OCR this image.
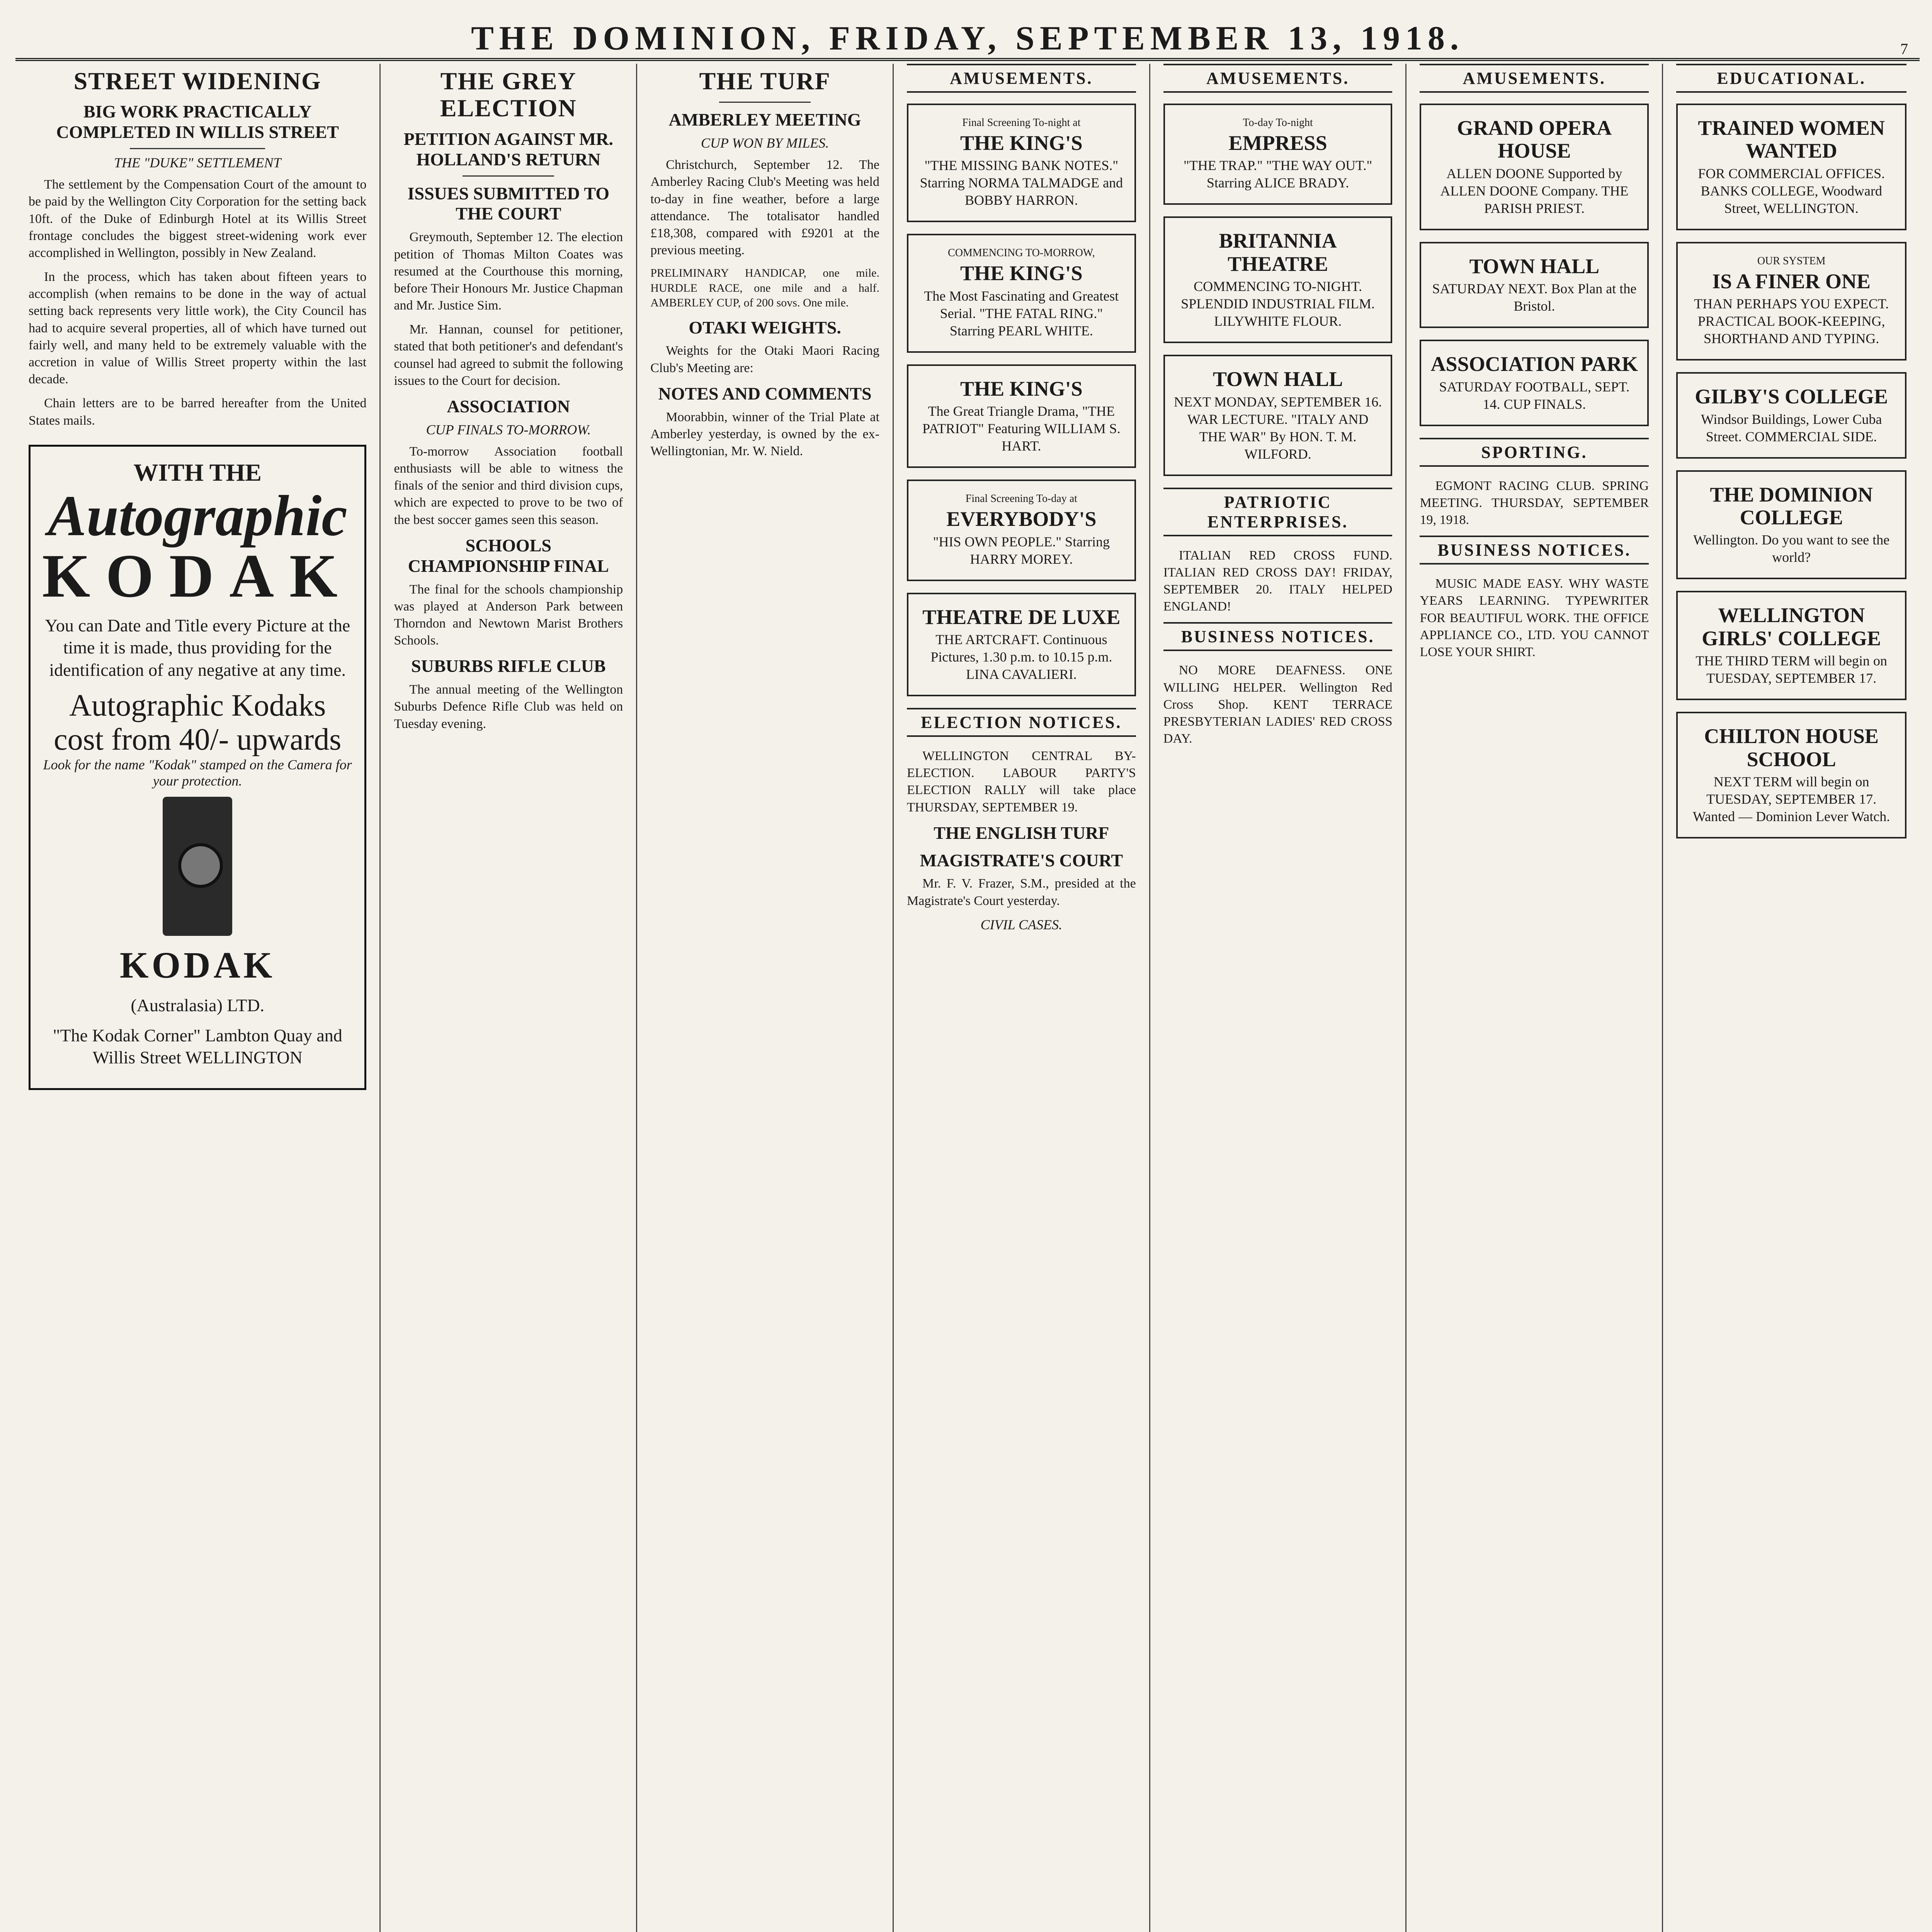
THE DOMINION, FRIDAY, SEPTEMBER 13, 1918.	7
STREET WIDENING
BIG WORK PRACTICALLY COMPLETED IN WILLIS STREET
THE "DUKE" SETTLEMENT

The settlement by the Compensation Court of the amount to be paid by the Wellington City Corporation for the setting back 10ft. of the Duke of Edinburgh Hotel at its Willis Street frontage concludes the biggest street-widening work ever accomplished in Wellington, possibly in New Zealand.

In the process, which has taken about fifteen years to accomplish (when remains to be done in the way of actual setting back represents very little work), the City Council has had to acquire several properties, all of which have turned out fairly well, and many held to be extremely valuable with the accretion in value of Willis Street property within the last decade.

Chain letters are to be barred hereafter from the United States mails.

WITH THE
Autographic
KODAK
You can Date and Title every Picture at the time it is made, thus providing for the identification of any negative at any time.
Autographic Kodaks cost from 40/- upwards
Look for the name "Kodak" stamped on the Camera for your protection.
KODAK
(Australasia) LTD.
"The Kodak Corner" Lambton Quay and Willis Street WELLINGTON
THE GREY ELECTION
PETITION AGAINST MR. HOLLAND'S RETURN
ISSUES SUBMITTED TO THE COURT

Greymouth, September 12. The election petition of Thomas Milton Coates was resumed at the Courthouse this morning, before Their Honours Mr. Justice Chapman and Mr. Justice Sim.

Mr. Hannan, counsel for petitioner, stated that both petitioner's and defendant's counsel had agreed to submit the following issues to the Court for decision.

ASSOCIATION
CUP FINALS TO-MORROW.

To-morrow Association football enthusiasts will be able to witness the finals of the senior and third division cups, which are expected to prove to be two of the best soccer games seen this season.

SCHOOLS CHAMPIONSHIP FINAL

The final for the schools championship was played at Anderson Park between Thorndon and Newtown Marist Brothers Schools.

SUBURBS RIFLE CLUB

The annual meeting of the Wellington Suburbs Defence Rifle Club was held on Tuesday evening.

THE TURF
AMBERLEY MEETING
CUP WON BY MILES.

Christchurch, September 12. The Amberley Racing Club's Meeting was held to-day in fine weather, before a large attendance. The totalisator handled £18,308, compared with £9201 at the previous meeting.

PRELIMINARY HANDICAP, one mile. HURDLE RACE, one mile and a half. AMBERLEY CUP, of 200 sovs. One mile.

OTAKI WEIGHTS.

Weights for the Otaki Maori Racing Club's Meeting are:

NOTES AND COMMENTS

Moorabbin, winner of the Trial Plate at Amberley yesterday, is owned by the ex-Wellingtonian, Mr. W. Nield.

AMUSEMENTS.
Final Screening To-night at
THE KING'S
"THE MISSING BANK NOTES." Starring NORMA TALMADGE and BOBBY HARRON.
COMMENCING TO-MORROW,
THE KING'S
The Most Fascinating and Greatest Serial. "THE FATAL RING." Starring PEARL WHITE.
THE KING'S
The Great Triangle Drama, "THE PATRIOT" Featuring WILLIAM S. HART.
Final Screening To-day at
EVERYBODY'S
"HIS OWN PEOPLE." Starring HARRY MOREY.
THEATRE DE LUXE
THE ARTCRAFT. Continuous Pictures, 1.30 p.m. to 10.15 p.m. LINA CAVALIERI.
ELECTION NOTICES.

WELLINGTON CENTRAL BY-ELECTION. LABOUR PARTY'S ELECTION RALLY will take place THURSDAY, SEPTEMBER 19.

THE ENGLISH TURF
MAGISTRATE'S COURT

Mr. F. V. Frazer, S.M., presided at the Magistrate's Court yesterday.

CIVIL CASES.
AMUSEMENTS.
To-day To-night
EMPRESS
"THE TRAP." "THE WAY OUT." Starring ALICE BRADY.
BRITANNIA THEATRE
COMMENCING TO-NIGHT. SPLENDID INDUSTRIAL FILM. LILYWHITE FLOUR.
TOWN HALL
NEXT MONDAY, SEPTEMBER 16. WAR LECTURE. "ITALY AND THE WAR" By HON. T. M. WILFORD.
PATRIOTIC ENTERPRISES.

ITALIAN RED CROSS FUND. ITALIAN RED CROSS DAY! FRIDAY, SEPTEMBER 20. ITALY HELPED ENGLAND!

BUSINESS NOTICES.

NO MORE DEAFNESS. ONE WILLING HELPER. Wellington Red Cross Shop. KENT TERRACE PRESBYTERIAN LADIES' RED CROSS DAY.

AMUSEMENTS.
GRAND OPERA HOUSE
ALLEN DOONE Supported by ALLEN DOONE Company. THE PARISH PRIEST.
TOWN HALL
SATURDAY NEXT. Box Plan at the Bristol.
ASSOCIATION PARK
SATURDAY FOOTBALL, SEPT. 14. CUP FINALS.
SPORTING.

EGMONT RACING CLUB. SPRING MEETING. THURSDAY, SEPTEMBER 19, 1918.

BUSINESS NOTICES.

MUSIC MADE EASY. WHY WASTE YEARS LEARNING. TYPEWRITER FOR BEAUTIFUL WORK. THE OFFICE APPLIANCE CO., LTD. YOU CANNOT LOSE YOUR SHIRT.

EDUCATIONAL.
TRAINED WOMEN WANTED
FOR COMMERCIAL OFFICES. BANKS COLLEGE, Woodward Street, WELLINGTON.
OUR SYSTEM
IS A FINER ONE
THAN PERHAPS YOU EXPECT. PRACTICAL BOOK-KEEPING, SHORTHAND AND TYPING.
GILBY'S COLLEGE
Windsor Buildings, Lower Cuba Street. COMMERCIAL SIDE.
THE DOMINION COLLEGE
Wellington. Do you want to see the world?
WELLINGTON GIRLS' COLLEGE
THE THIRD TERM will begin on TUESDAY, SEPTEMBER 17.
CHILTON HOUSE SCHOOL
NEXT TERM will begin on TUESDAY, SEPTEMBER 17. Wanted — Dominion Lever Watch.
